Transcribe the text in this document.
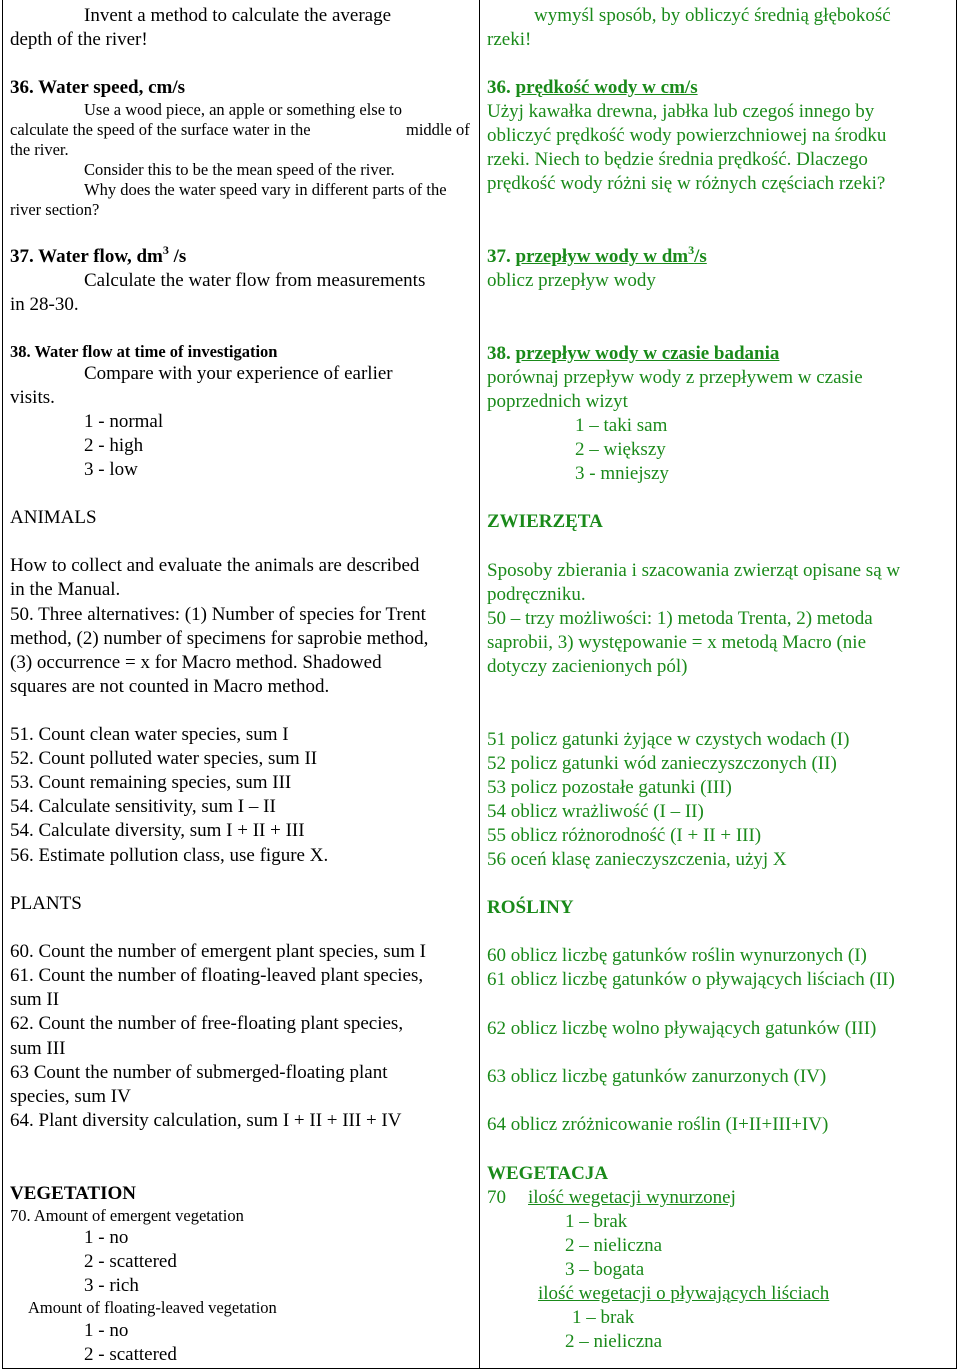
Invent a method to calculate the average
depth of the river!
36. Water speed, cm/s
Use a wood piece, an apple or something else to
calculate the speed of the surface water in the	middle of
the river.
Consider this to be the mean speed of the river.
Why does the water speed vary in different parts of the
river section?
37. Water flow, $dm^3$ /s
Calculate the water flow from measurements
in 28-30.
38. Water flow at time of investigation
Compare with your experience of earlier
visits.
1 - normal
2 - high
3 - low
ANIMALS
How to collect and evaluate the animals are described
in the Manual.
50. Three alternatives: (1) Number of species for Trent
method, (2) number of specimens for saprobie method,
(3) occurrence = x for Macro method. Shadowed
squares are not counted in Macro method.
51. Count clean water species, sum I
52. Count polluted water species, sum II
53. Count remaining species, sum III
54. Calculate sensitivity, sum I – II
54. Calculate diversity, sum I + II + III
56. Estimate pollution class, use figure X.
PLANTS
60. Count the number of emergent plant species, sum I
61. Count the number of floating-leaved plant species,
sum II
62. Count the number of free-floating plant species,
sum III
63 Count the number of submerged-floating plant
species, sum IV
64. Plant diversity calculation, sum I + II + III + IV
VEGETATION
70. Amount of emergent vegetation
1 - no
2 - scattered
3 - rich
Amount of floating-leaved vegetation
1 - no
2 - scattered
wymyśl sposób, by obliczyć średnią głębokość
rzeki!
36. prędkość wody w cm/s
Użyj kawałka drewna, jabłka lub czegoś innego by
obliczyć prędkość wody powierzchniowej na środku
rzeki. Niech to będzie średnia prędkość. Dlaczego
prędkość wody różni się w różnych częściach rzeki?
37. przepływ wody w $dm^3/s$
oblicz przepływ wody
38. przepływ wody w czasie badania
porównaj przepływ wody z przepływem w czasie
poprzednich wizyt
1 – taki sam
2 – większy
3 - mniejszy
ZWIERZĘTA
Sposoby zbierania i szacowania zwierząt opisane są w
podręczniku.
50 – trzy możliwości: 1) metoda Trenta, 2) metoda
saprobii, 3) występowanie = x metodą Macro (nie
dotyczy zacienionych pól)
51 policz gatunki żyjące w czystych wodach (I)
52 policz gatunki wód zanieczyszczonych (II)
53 policz pozostałe gatunki (III)
54 oblicz wrażliwość (I – II)
55 oblicz różnorodność (I + II + III)
56 oceń klasę zanieczyszczenia, użyj X
ROŚLINY
60 oblicz liczbę gatunków roślin wynurzonych (I)
61 oblicz liczbę gatunków o pływających liściach (II)
62 oblicz liczbę wolno pływających gatunków (III)
63 oblicz liczbę gatunków zanurzonych (IV)
64 oblicz zróżnicowanie roślin (I+II+III+IV)
WEGETACJA
70 ilość wegetacji wynurzonej
1 – brak
2 – nieliczna
3 – bogata
ilość wegetacji o pływających liściach
1 – brak
2 – nieliczna
